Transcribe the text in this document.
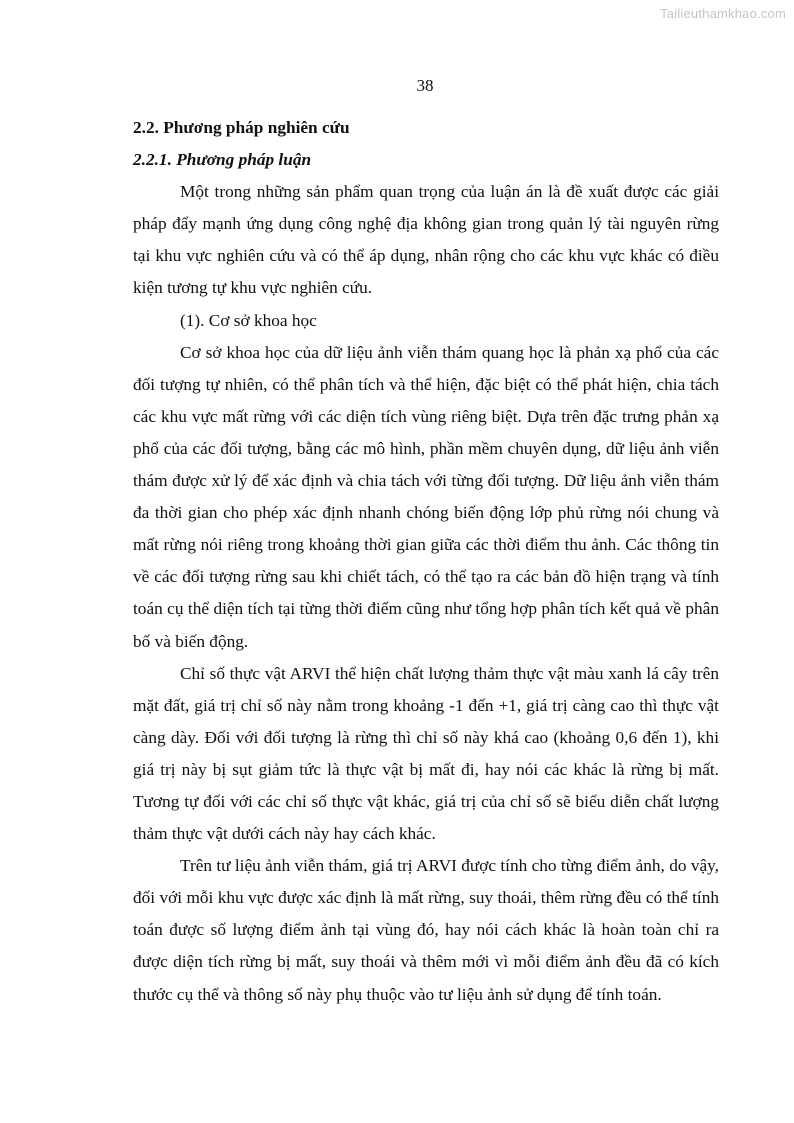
Tailieuthamkhao.com
38

2.2. Phương pháp nghiên cứu

2.2.1. Phương pháp luận

Một trong những sản phẩm quan trọng của luận án là đề xuất được các giải pháp đẩy mạnh ứng dụng công nghệ địa không gian trong quản lý tài nguyên rừng tại khu vực nghiên cứu và có thể áp dụng, nhân rộng cho các khu vực khác có điều kiện tương tự khu vực nghiên cứu.

(1). Cơ sở khoa học

Cơ sở khoa học của dữ liệu ảnh viễn thám quang học là phản xạ phổ của các đối tượng tự nhiên, có thể phân tích và thể hiện, đặc biệt có thể phát hiện, chia tách các khu vực mất rừng với các diện tích vùng riêng biệt. Dựa trên đặc trưng phản xạ phổ của các đối tượng, bằng các mô hình, phần mềm chuyên dụng, dữ liệu ảnh viễn thám được xử lý để xác định và chia tách với từng đối tượng. Dữ liệu ảnh viễn thám đa thời gian cho phép xác định nhanh chóng biến động lớp phủ rừng nói chung và mất rừng nói riêng trong khoảng thời gian giữa các thời điểm thu ảnh. Các thông tin về các đối tượng rừng sau khi chiết tách, có thể tạo ra các bản đồ hiện trạng và tính toán cụ thể diện tích tại từng thời điểm cũng như tổng hợp phân tích kết quả về phân bố và biến động.

Chỉ số thực vật ARVI thể hiện chất lượng thảm thực vật màu xanh lá cây trên mặt đất, giá trị chỉ số này nằm trong khoảng -1 đến +1, giá trị càng cao thì thực vật càng dày. Đối với đối tượng là rừng thì chỉ số này khá cao (khoảng 0,6 đến 1), khi giá trị này bị sụt giảm tức là thực vật bị mất đi, hay nói các khác là rừng bị mất. Tương tự đối với các chỉ số thực vật khác, giá trị của chỉ số sẽ biểu diễn chất lượng thảm thực vật dưới cách này hay cách khác.

Trên tư liệu ảnh viễn thám, giá trị ARVI được tính cho từng điểm ảnh, do vậy, đối với mỗi khu vực được xác định là mất rừng, suy thoái, thêm rừng đều có thể tính toán được số lượng điểm ảnh tại vùng đó, hay nói cách khác là hoàn toàn chỉ ra được diện tích rừng bị mất, suy thoái và thêm mới vì mỗi điểm ảnh đều đã có kích thước cụ thể và thông số này phụ thuộc vào tư liệu ảnh sử dụng để tính toán.
